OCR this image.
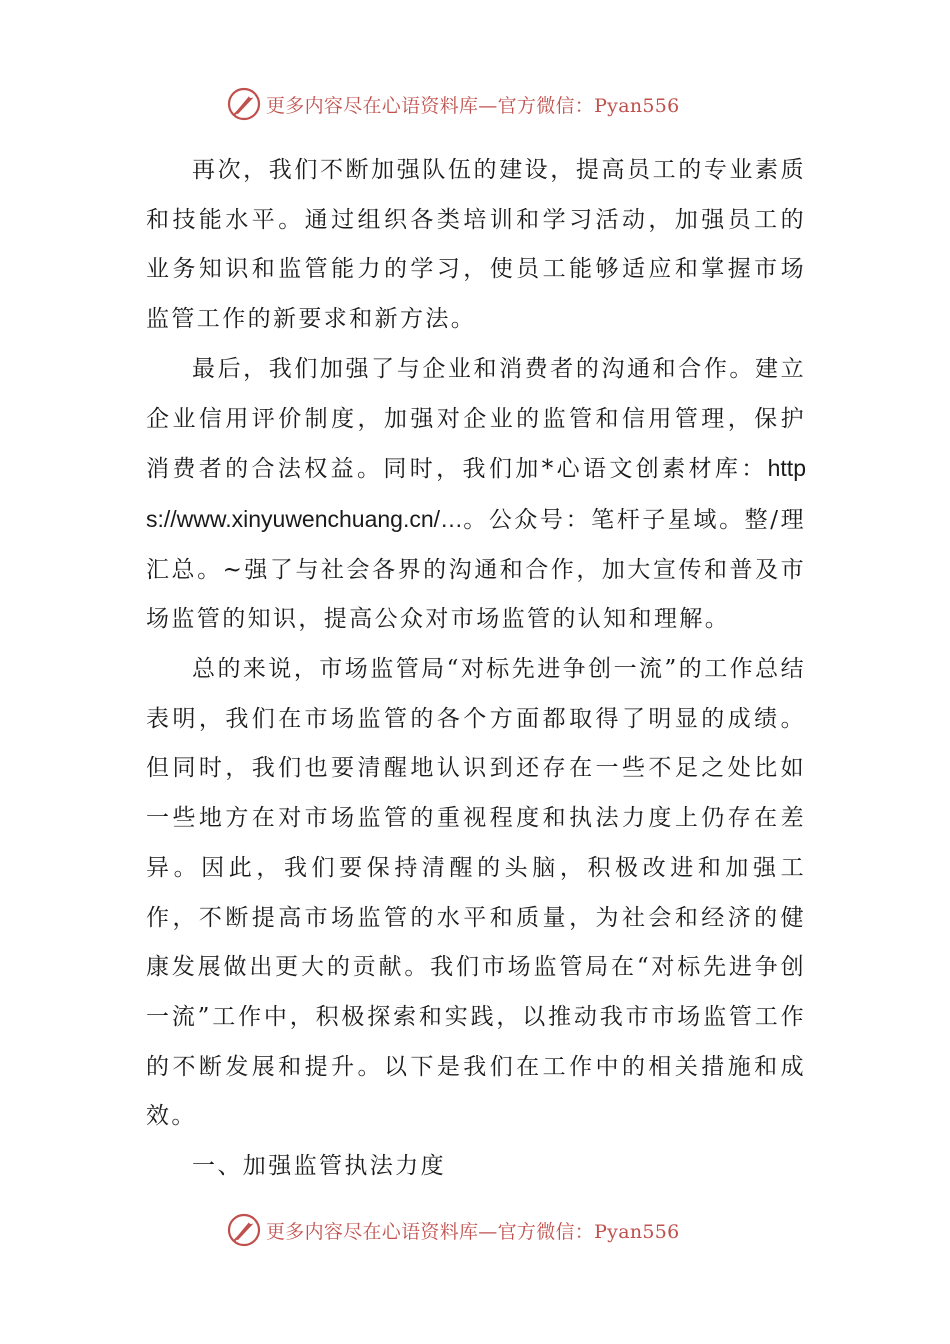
更多内容尽在心语资料库—官方微信：Pyan556

再次，我们不断加强队伍的建设，提高员工的专业素质和技能水平。通过组织各类培训和学习活动，加强员工的业务知识和监管能力的学习，使员工能够适应和掌握市场监管工作的新要求和新方法。

最后，我们加强了与企业和消费者的沟通和合作。建立企业信用评价制度，加强对企业的监管和信用管理，保护消费者的合法权益。同时，我们加*心语文创素材库：https://www.xinyuwenchuang.cn/…。公众号：笔杆子星域。整/理汇总。~强了与社会各界的沟通和合作，加大宣传和普及市场监管的知识，提高公众对市场监管的认知和理解。

总的来说，市场监管局“对标先进争创一流”的工作总结表明，我们在市场监管的各个方面都取得了明显的成绩。但同时，我们也要清醒地认识到还存在一些不足之处比如一些地方在对市场监管的重视程度和执法力度上仍存在差异。因此，我们要保持清醒的头脑，积极改进和加强工作，不断提高市场监管的水平和质量，为社会和经济的健康发展做出更大的贡献。我们市场监管局在“对标先进争创一流”工作中，积极探索和实践，以推动我市市场监管工作的不断发展和提升。以下是我们在工作中的相关措施和成效。

一、加强监管执法力度

更多内容尽在心语资料库—官方微信：Pyan556
